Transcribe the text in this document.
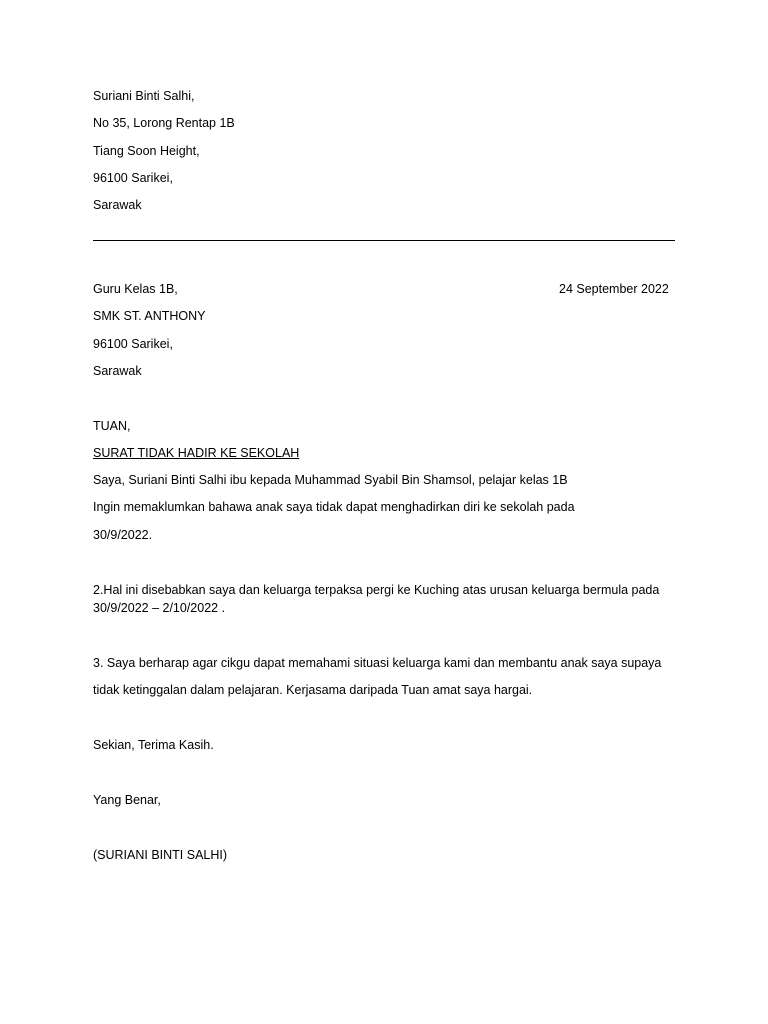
Suriani Binti Salhi,
No 35, Lorong Rentap 1B
Tiang Soon Height,
96100 Sarikei,
Sarawak
Guru Kelas 1B,	24 September 2022
SMK ST. ANTHONY
96100 Sarikei,
Sarawak
TUAN,
SURAT TIDAK HADIR KE SEKOLAH
Saya, Suriani Binti Salhi ibu kepada Muhammad Syabil Bin Shamsol, pelajar kelas 1B
Ingin memaklumkan bahawa anak saya tidak dapat menghadirkan diri ke sekolah pada
30/9/2022.
2.Hal ini disebabkan saya dan keluarga terpaksa pergi ke Kuching atas urusan keluarga bermula pada
30/9/2022 – 2/10/2022 .
3. Saya berharap agar cikgu dapat memahami situasi keluarga kami dan membantu anak saya supaya
tidak ketinggalan dalam pelajaran. Kerjasama daripada Tuan amat saya hargai.
Sekian, Terima Kasih.
Yang Benar,
(SURIANI BINTI SALHI)
